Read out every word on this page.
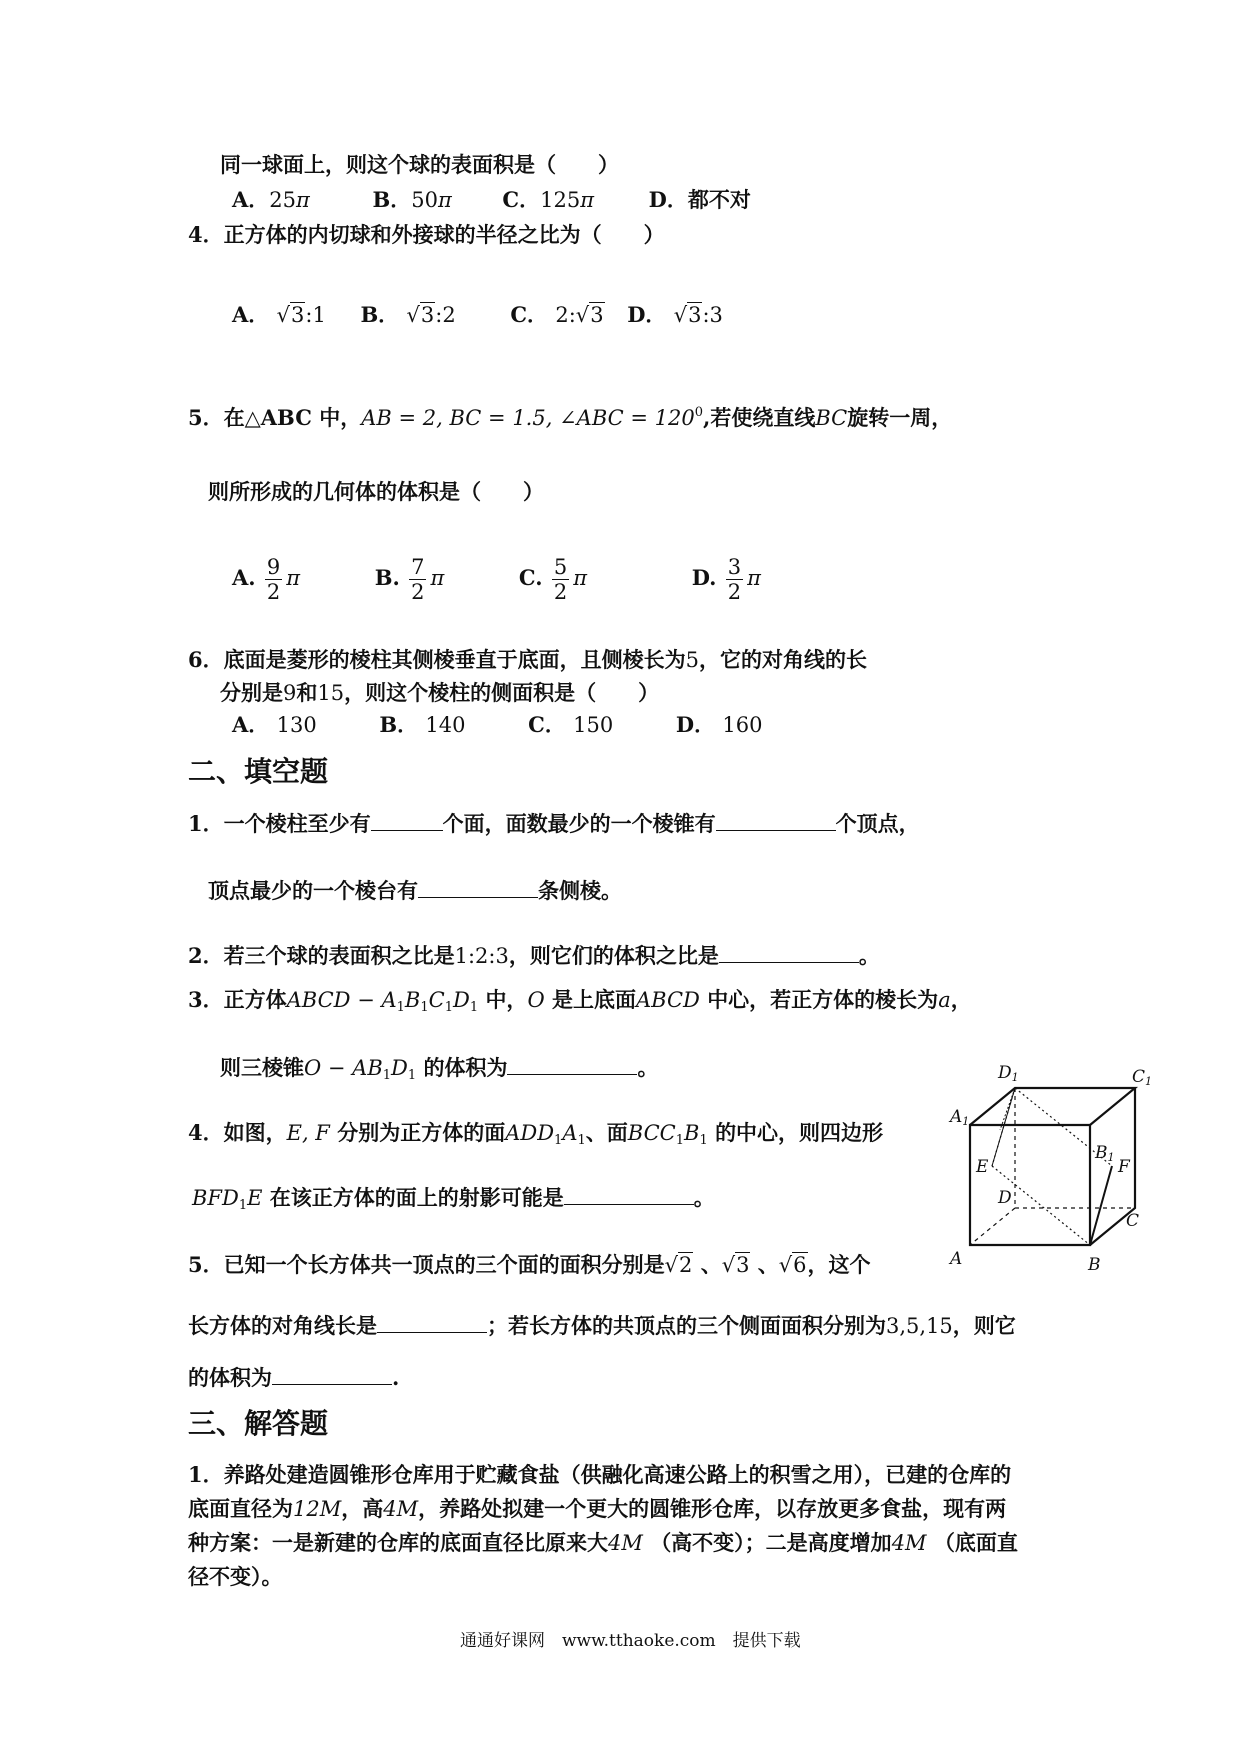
同一球面上，则这个球的表面积是（　　）
A．25π	B．50π C．125π	D．都不对
4．正方体的内切球和外接球的半径之比为（　　）
A． √3:1 B． √3:2	C． 2:√3 D． √3:3
5．在△ABC 中，AB = 2, BC = 1.5, ∠ABC = $120^0$,若使绕直线BC旋转一周，
则所形成的几何体的体积是（　　）
A. $\frac{9}{2}$ π	B. $\frac{7}{2}$ π	C. $\frac{5}{2}$ π	D. $\frac{3}{2}$ π
6．底面是菱形的棱柱其侧棱垂直于底面，且侧棱长为5，它的对角线的长
分别是9和15，则这个棱柱的侧面积是（　　）
A． 130	B． 140	C． 150	D． 160
二、填空题
1．一个棱柱至少有	个面，面数最少的一个棱锥有	个顶点，
顶点最少的一个棱台有	条侧棱。
2．若三个球的表面积之比是1:2:3，则它们的体积之比是	。
3．正方体ABCD − $A_1B_1C_1D_1$ 中，O 是上底面ABCD 中心，若正方体的棱长为a，
则三棱锥$O - AB_1D_1$ 的体积为	。
4．如图，E, F 分别为正方体的面$ADD_1A_1$、面$BCC_1B_1$ 的中心，则四边形
$BFD_1E$ 在该正方体的面上的射影可能是	。
5．已知一个长方体共一顶点的三个面的面积分别是√2 、√3 、√6，这个
长方体的对角线长是	；若长方体的共顶点的三个侧面面积分别为3,5,15，则它
的体积为	.
D1	C1
A1
B1
E	F
D
C
A	B
三、解答题
1．养路处建造圆锥形仓库用于贮藏食盐（供融化高速公路上的积雪之用），已建的仓库的
底面直径为12M，高4M，养路处拟建一个更大的圆锥形仓库，以存放更多食盐，现有两
种方案：一是新建的仓库的底面直径比原来大4M （高不变）；二是高度增加4M （底面直
径不变）。
通通好课网　www.tthaoke.com　提供下载
